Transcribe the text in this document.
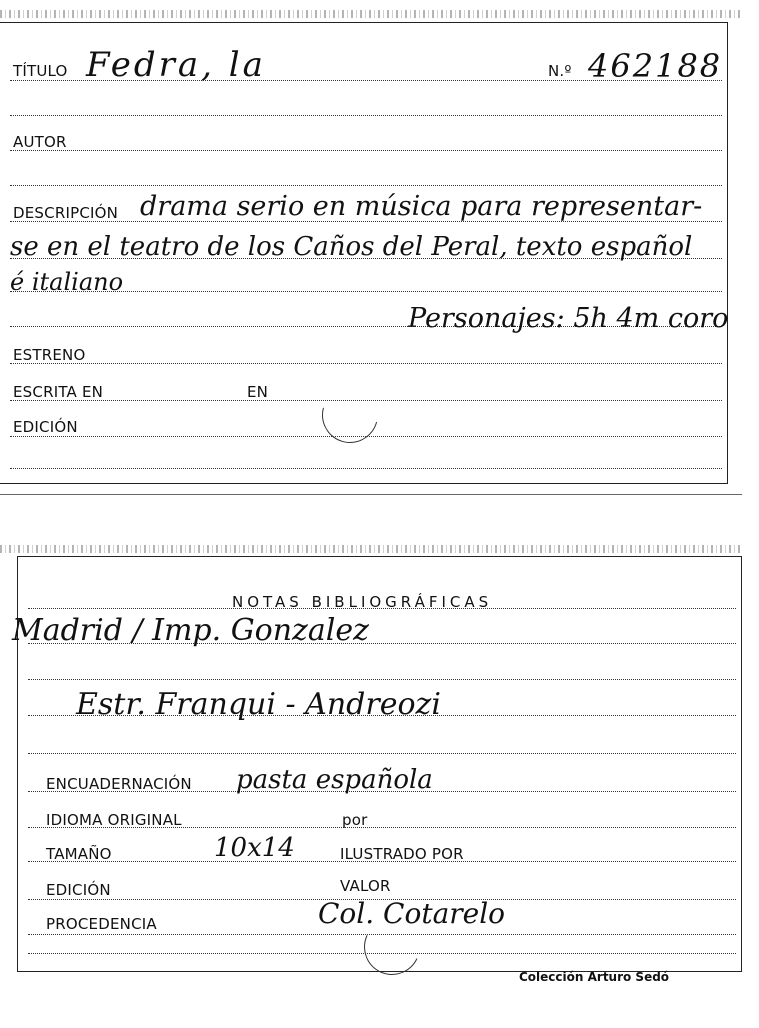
TÍTULO Fedra, la	N.º 462188
AUTOR
DESCRIPCIÓN drama serio en música para representar-
se en el teatro de los Caños del Peral, texto español
é italiano
Personajes: 5h 4m coro
ESTRENO
ESCRITA EN	EN
EDICIÓN
NOTAS BIBLIOGRÁFICAS
Madrid / Imp. Gonzalez
Estr. Franqui - Andreozi
ENCUADERNACIÓN pasta española
IDIOMA ORIGINAL	por
TAMAÑO	10x14	ILUSTRADO POR
EDICIÓN	VALOR
PROCEDENCIA	Col. Cotarelo
Colección Arturo Sedó
